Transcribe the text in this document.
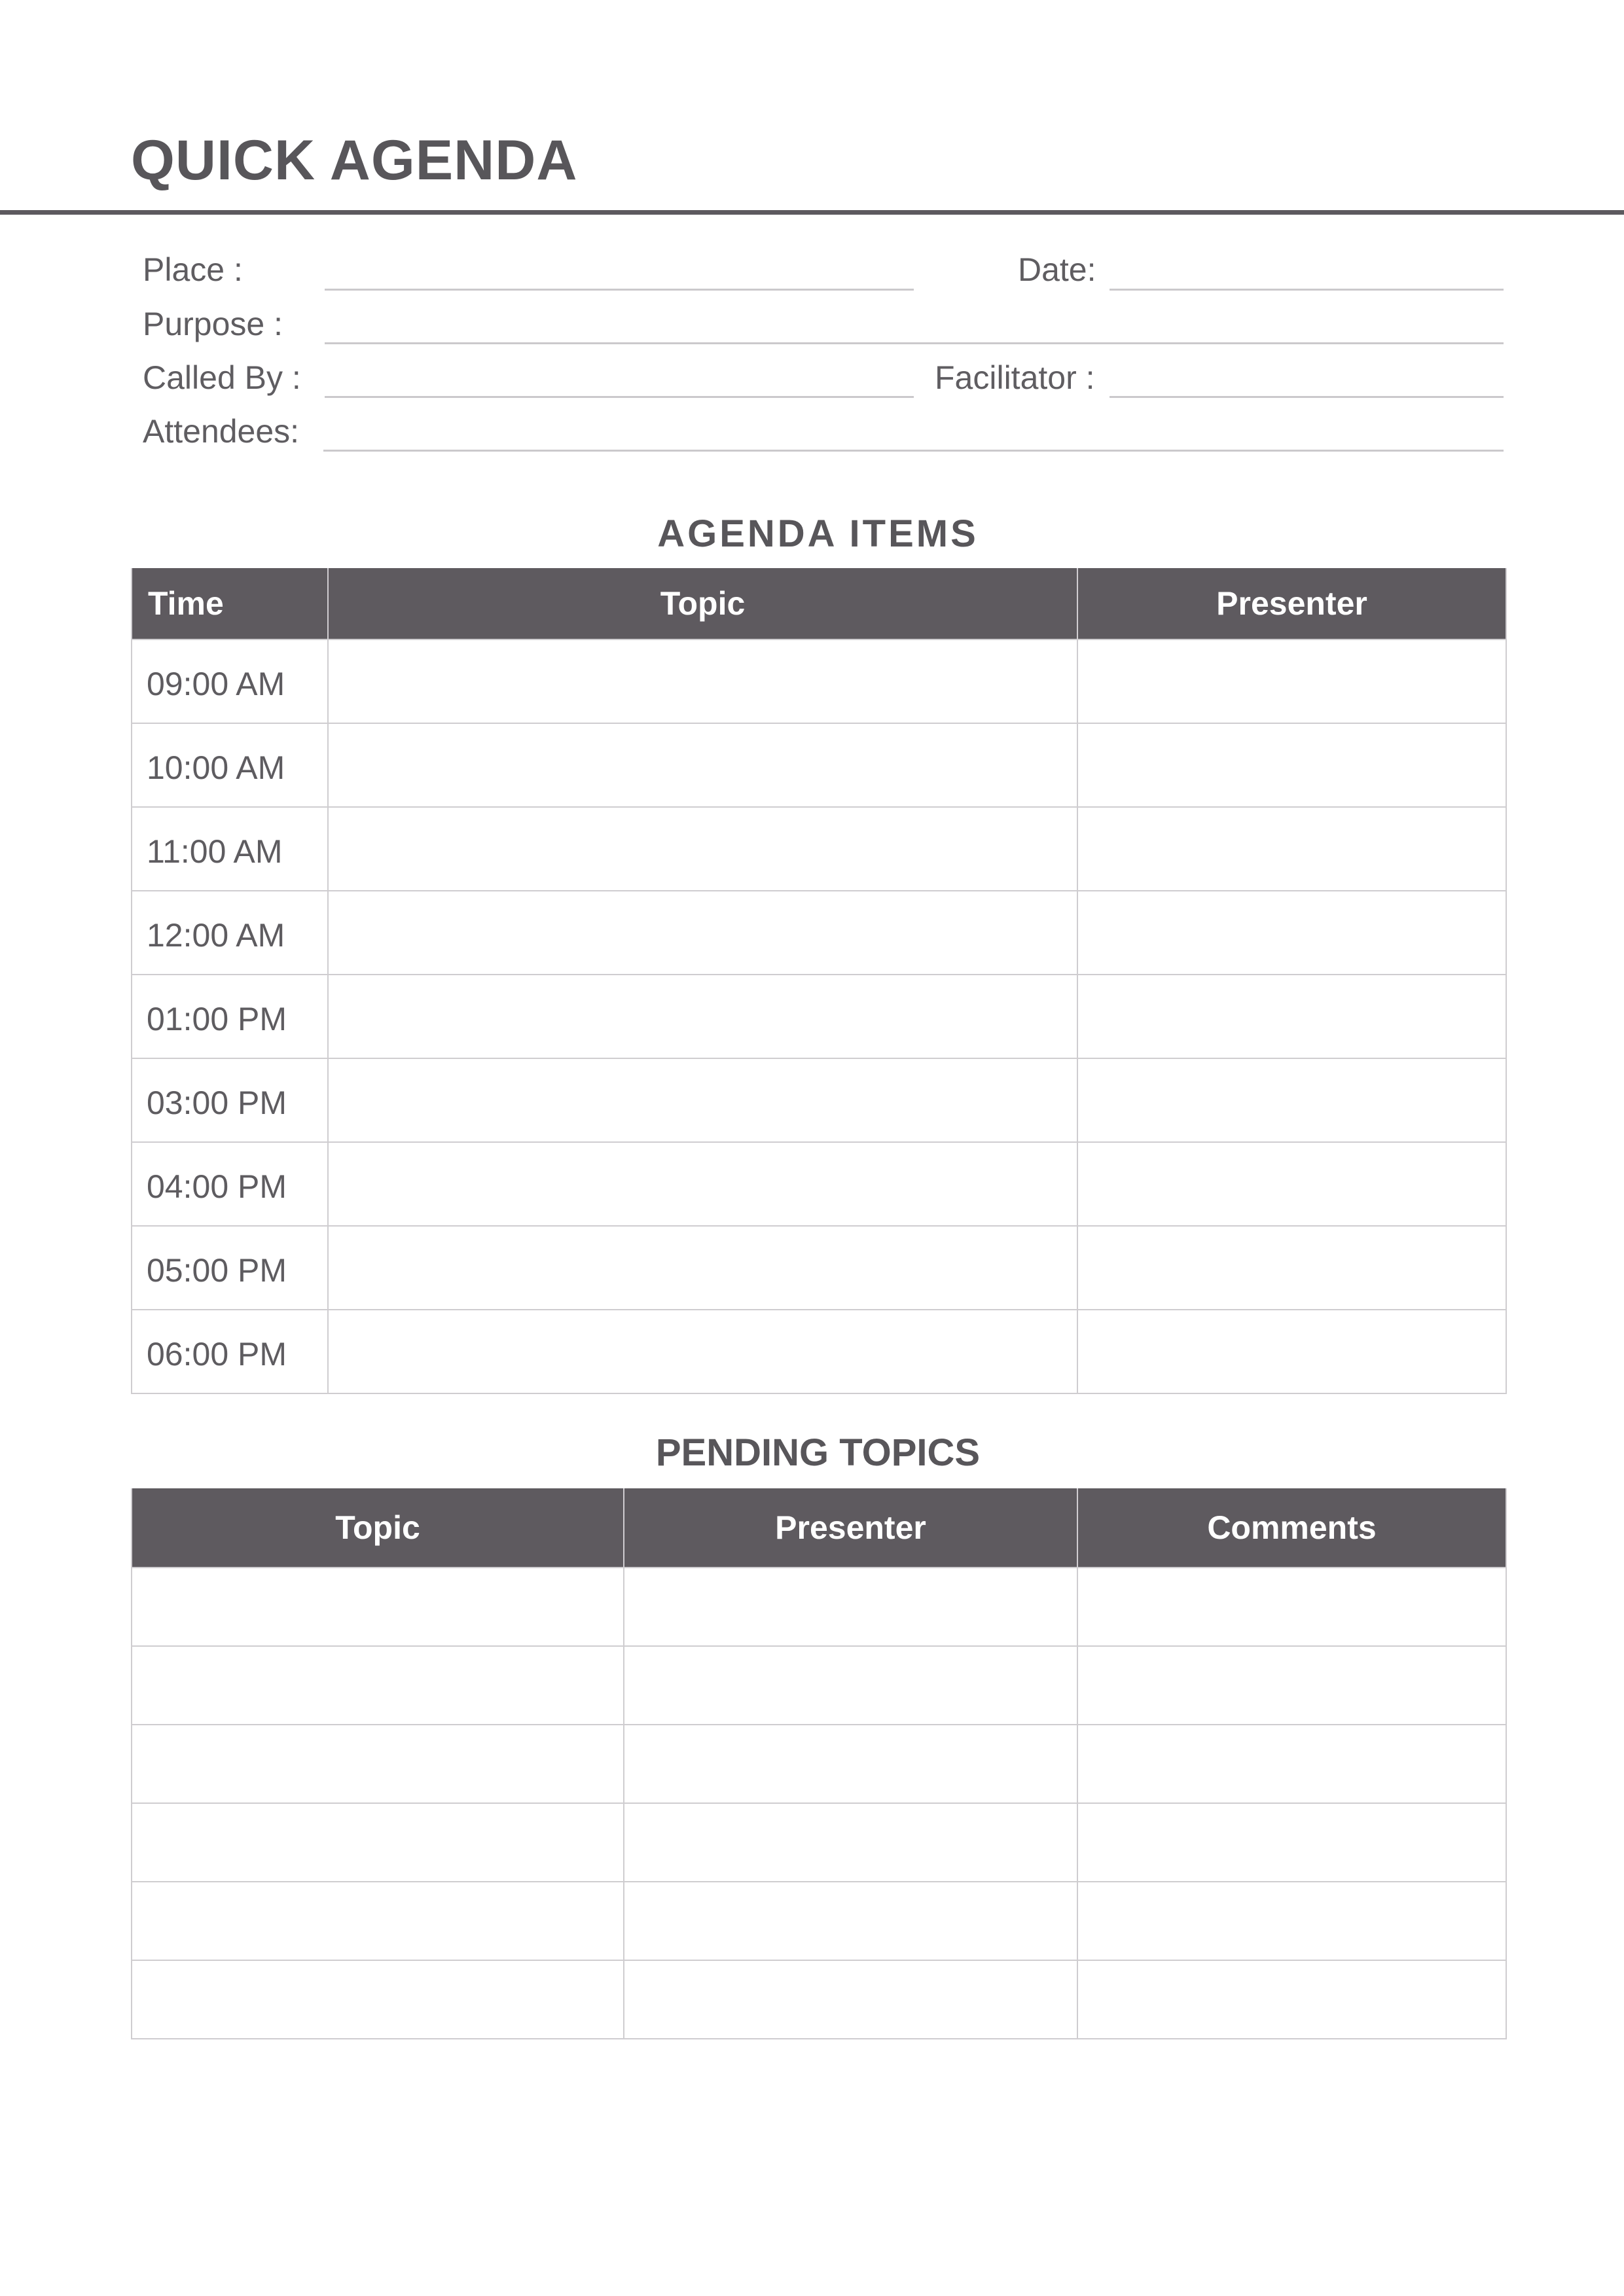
QUICK AGENDA
Place :	Date:
Purpose :
Called By :	Facilitator :
Attendees:
AGENDA ITEMS
Time	Topic	Presenter
09:00 AM		
10:00 AM		
11:00 AM		
12:00 AM		
01:00 PM		
03:00 PM		
04:00 PM		
05:00 PM		
06:00 PM		
PENDING TOPICS
Topic	Presenter	Comments
